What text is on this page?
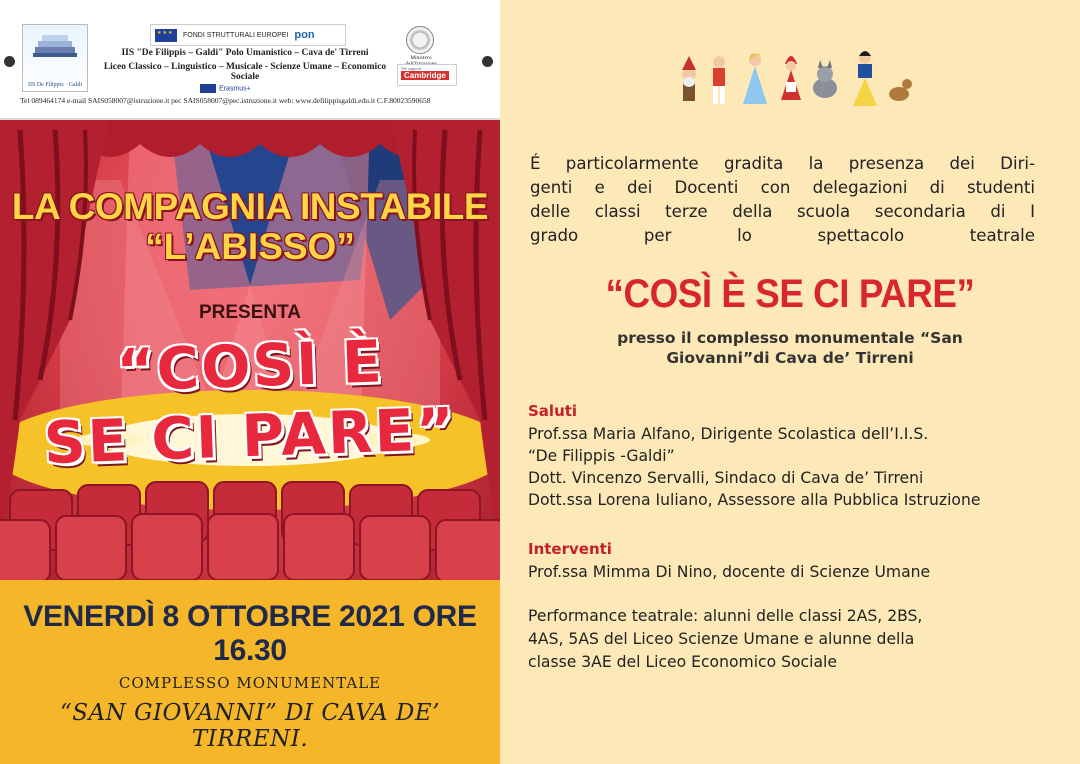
IIS De Filippis · Galdi
★★★
FONDI STRUTTURALI EUROPEI pon
IIS "De Filippis – Galdi" Polo Umanistico – Cava de' Tirreni
Liceo Classico – Linguistico – Musicale - Scienze Umane – Economico Sociale
Ministero
We support
Cambridge
Erasmus+
Tel 089464174 e-mail SAIS058007@istruzione.it pec SAIS058007@pec.istruzione.it web: www.defilippisgaldi.edu.it C.F.80023590658
LA COMPAGNIA INSTABILE
“L’ABISSO”
PRESENTA
“COSÌ È
SE CI PARE”
VENERDÌ 8 OTTOBRE 2021 ORE 16.30
COMPLESSO MONUMENTALE
“SAN GIOVANNI” DI CAVA DE’ TIRRENI.
É particolarmente gradita la presenza dei Diri-
genti e dei Docenti con delegazioni di studenti
delle classi terze della scuola secondaria di I
grado per lo spettacolo teatrale
“COSÌ È SE CI PARE”
presso il complesso monumentale “San
Giovanni”di Cava de’ Tirreni
Saluti
Prof.ssa Maria Alfano, Dirigente Scolastica dell’I.I.S.
“De Filippis -Galdi”
Dott. Vincenzo Servalli, Sindaco di Cava de’ Tirreni
Dott.ssa Lorena Iuliano, Assessore alla Pubblica Istruzione
Interventi
Prof.ssa Mimma Di Nino, docente di Scienze Umane
Performance teatrale: alunni delle classi 2AS, 2BS,
4AS, 5AS del Liceo Scienze Umane e alunne della
classe 3AE del Liceo Economico Sociale
